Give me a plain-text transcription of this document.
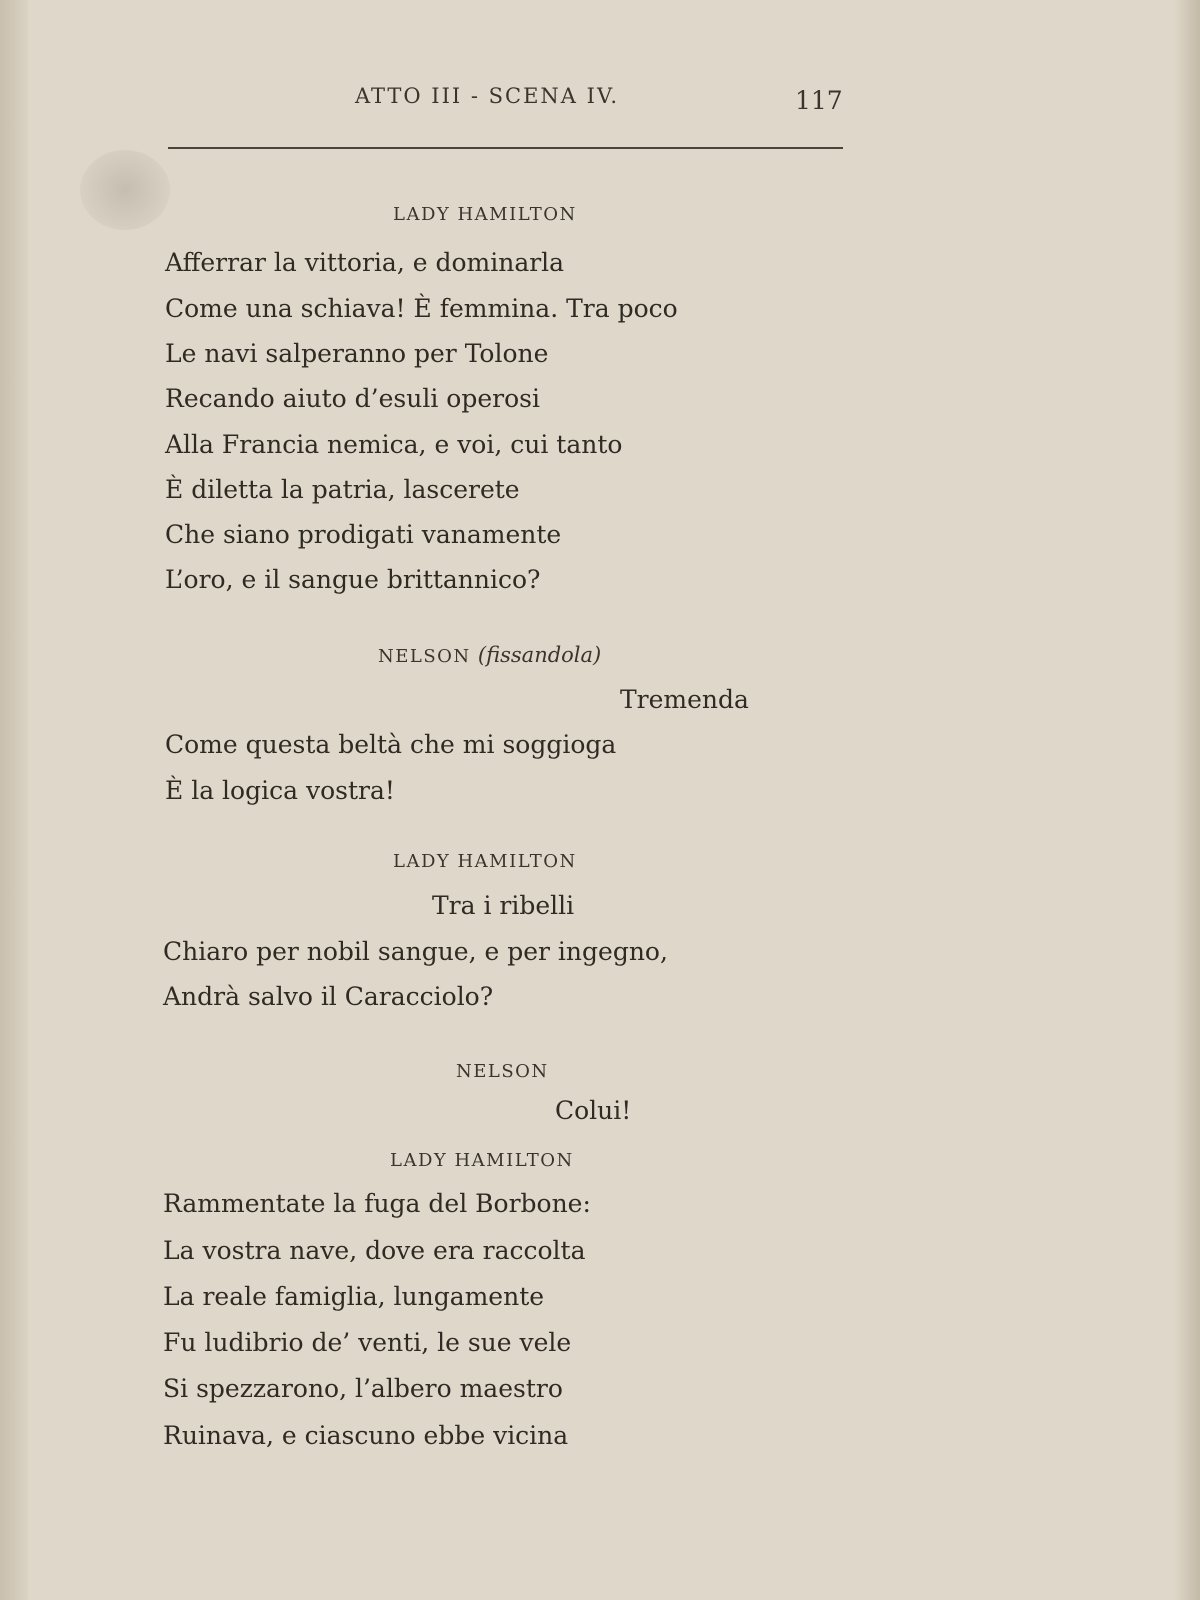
ATTO III - SCENA IV.	117
LADY HAMILTON
Afferrar la vittoria, e dominarla
Come una schiava! È femmina. Tra poco
Le navi salperanno per Tolone
Recando aiuto d’esuli operosi
Alla Francia nemica, e voi, cui tanto
È diletta la patria, lascerete
Che siano prodigati vanamente
L’oro, e il sangue brittannico?
NELSON (fissandola)
Tremenda
Come questa beltà che mi soggioga
È la logica vostra!
LADY HAMILTON
Tra i ribelli
Chiaro per nobil sangue, e per ingegno,
Andrà salvo il Caracciolo?
NELSON
Colui!
LADY HAMILTON
Rammentate la fuga del Borbone:
La vostra nave, dove era raccolta
La reale famiglia, lungamente
Fu ludibrio de’ venti, le sue vele
Si spezzarono, l’albero maestro
Ruinava, e ciascuno ebbe vicina
